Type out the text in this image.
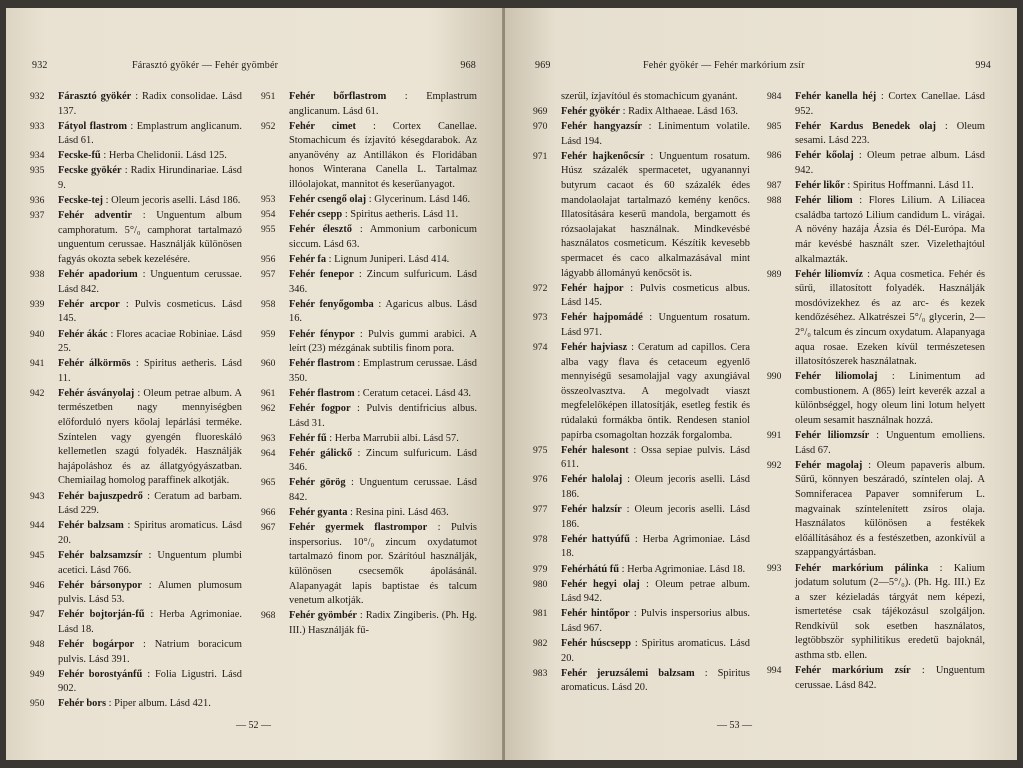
932	Fárasztó gyökér — Fehér gyömbér	968
932 Fárasztó gyökér : Radix consolidae. Lásd 137.
933 Fátyol flastrom : Emplastrum anglicanum. Lásd 61.
934 Fecske-fű : Herba Chelidonii. Lásd 125.
935 Fecske gyökér : Radix Hirundinariae. Lásd 9.
936 Fecske-tej : Oleum jecoris aselli. Lásd 186.
937 Fehér adventir : Unguentum album camphoratum. 5°/₀ camphorat tartalmazó unguentum cerussae. Használják különösen fagyás okozta sebek kezelésére.
938 Fehér apadorium : Unguentum cerussae. Lásd 842.
939 Fehér arcpor : Pulvis cosmeticus. Lásd 145.
940 Fehér ákác : Flores acaciae Robiniae. Lásd 25.
941 Fehér álkörmös : Spiritus aetheris. Lásd 11.
942 Fehér ásványolaj : Oleum petrae album. A természetben nagy mennyiségben előforduló nyers kőolaj lepárlási terméke. Színtelen vagy gyengén fluoreskáló kellemetlen szagú folyadék. Használják hajápoláshoz és az állatgyógyászatban. Chemiailag homolog paraffinek alkotják.
943 Fehér bajuszpedrő : Ceratum ad barbam. Lásd 229.
944 Fehér balzsam : Spiritus aromaticus. Lásd 20.
945 Fehér balzsamzsír : Unguentum plumbi acetici. Lásd 766.
946 Fehér bársonypor : Alumen plumosum pulvis. Lásd 53.
947 Fehér bojtorján-fű : Herba Agrimoniae. Lásd 18.
948 Fehér bogárpor : Natrium boracicum pulvis. Lásd 391.
949 Fehér borostyánfű : Folia Ligustri. Lásd 902.
950 Fehér bors : Piper album. Lásd 421.
951 Fehér bőrflastrom : Emplastrum anglicanum. Lásd 61.
952 Fehér cimet : Cortex Canellae. Stomachicum és ízjavító késegdarabok. Az anyanövény az Antillákon és Floridában honos Winterana Canella L. Tartalmaz illóolajokat, mannitot és keserűanyagot.
953 Fehér csengő olaj : Glycerinum. Lásd 146.
954 Fehér csepp : Spiritus aetheris. Lásd 11.
955 Fehér élesztő : Ammonium carbonicum siccum. Lásd 63.
956 Fehér fa : Lignum Juniperi. Lásd 414.
957 Fehér fenepor : Zincum sulfuricum. Lásd 346.
958 Fehér fenyőgomba : Agaricus albus. Lásd 16.
959 Fehér fénypor : Pulvis gummi arabici. A leírt (23) mézgának subtilis finom pora.
960 Fehér flastrom : Emplastrum cerussae. Lásd 350.
961 Fehér flastrom : Ceratum cetacei. Lásd 43.
962 Fehér fogpor : Pulvis dentifricius albus. Lásd 31.
963 Fehér fű : Herba Marrubii albi. Lásd 57.
964 Fehér gálickő : Zincum sulfuricum. Lásd 346.
965 Fehér görög : Unguentum cerussae. Lásd 842.
966 Fehér gyanta : Resina pini. Lásd 463.
967 Fehér gyermek flastrompor : Pulvis inspersorius. 10°/₀ zincum oxydatumot tartalmazó finom por. Szárítóul használják, különösen csecsemők ápolásánál. Alapanyagát lapis baptistae és talcum venetum alkotják.
968 Fehér gyömbér : Radix Zingiberis. (Ph. Hg. III.) Használják fű-
— 52 —
969	Fehér gyökér — Fehér markórium zsír	994
szerül, ízjavítóul és stomachicum gyanánt.
969 Fehér gyökér : Radix Althaeae. Lásd 163.
970 Fehér hangyazsír : Linimentum volatile. Lásd 194.
971 Fehér hajkenőcsír : Unguentum rosatum. Húsz százalék spermacetet, ugyanannyi butyrum cacaot és 60 százalék édes mandolaolajat tartalmazó kemény kenőcs. Illatosítására keserű mandola, bergamott és rózsaolajakat használnak. Mindkevésbé használatos cosmeticum. Készítik kevesebb spermacet és caco alkalmazásával mint lágyabb állományú kenőcsöt is.
972 Fehér hajpor : Pulvis cosmeticus albus. Lásd 145.
973 Fehér hajpomádé : Unguentum rosatum. Lásd 971.
974 Fehér hajviasz : Ceratum ad capillos. Cera alba vagy flava és cetaceum egyenlő mennyiségű sesamolajjal vagy axungiával összeolvasztva. A megolvadt viaszt megfelelőképen illatosítják, esetleg festik és rúdalakú formákba öntik. Rendesen staniol papírba csomagoltan hozzák forgalomba.
975 Fehér halesont : Ossa sepiae pulvis. Lásd 611.
976 Fehér halolaj : Oleum jecoris aselli. Lásd 186.
977 Fehér halzsír : Oleum jecoris aselli. Lásd 186.
978 Fehér hattyúfű : Herba Agrimoniae. Lásd 18.
979 Fehérhátú fű : Herba Agrimoniae. Lásd 18.
980 Fehér hegyi olaj : Oleum petrae album. Lásd 942.
981 Fehér hintőpor : Pulvis inspersorius albus. Lásd 967.
982 Fehér húscsepp : Spiritus aromaticus. Lásd 20.
983 Fehér jeruzsálemi balzsam : Spiritus aromaticus. Lásd 20.
984 Fehér kanella héj : Cortex Canellae. Lásd 952.
985 Fehér Kardus Benedek olaj : Oleum sesami. Lásd 223.
986 Fehér kőolaj : Oleum petrae album. Lásd 942.
987 Fehér likőr : Spiritus Hoffmanni. Lásd 11.
988 Fehér liliom : Flores Lilium. A Liliacea családba tartozó Lilium candidum L. virágai. A növény hazája Ázsia és Dél-Európa. Ma már kevésbé használt szer. Vizelethajtóul alkalmazták.
989 Fehér liliomvíz : Aqua cosmetica. Fehér és sűrű, illatosított folyadék. Használják mosdóvizekhez és az arc- és kezek kendőzéséhez. Alkatrészei 5°/₀ glycerin, 2—2°/₀ talcum és zincum oxydatum. Alapanyaga aqua rosae. Ezeken kívül természetesen illatosítószerek használatnak.
990 Fehér liliomolaj : Linimentum ad combustionem. A (865) leírt keverék azzal a különbséggel, hogy oleum lini lotum helyett oleum sesamit használnak hozzá.
991 Fehér liliomzsír : Unguentum emolliens. Lásd 67.
992 Fehér magolaj : Oleum papaveris album. Sűrű, könnyen beszáradó, színtelen olaj. A Somniferacea Papaver somniferum L. magvainak színtelenített zsíros olaja. Használatos különösen a festékek előállításához és a festészetben, azonkívül a szappangyártásban.
993 Fehér markórium pálinka : Kalium jodatum solutum (2—5°/₀). (Ph. Hg. III.) Ez a szer kézieladás tárgyát nem képezi, ismertetése csak tájékozásul szolgáljon. Rendkívül sok esetben használatos, legtöbbször syphilitikus eredetű bajoknál, asthma stb. ellen.
994 Fehér markórium zsír : Unguentum cerussae. Lásd 842.
— 53 —
